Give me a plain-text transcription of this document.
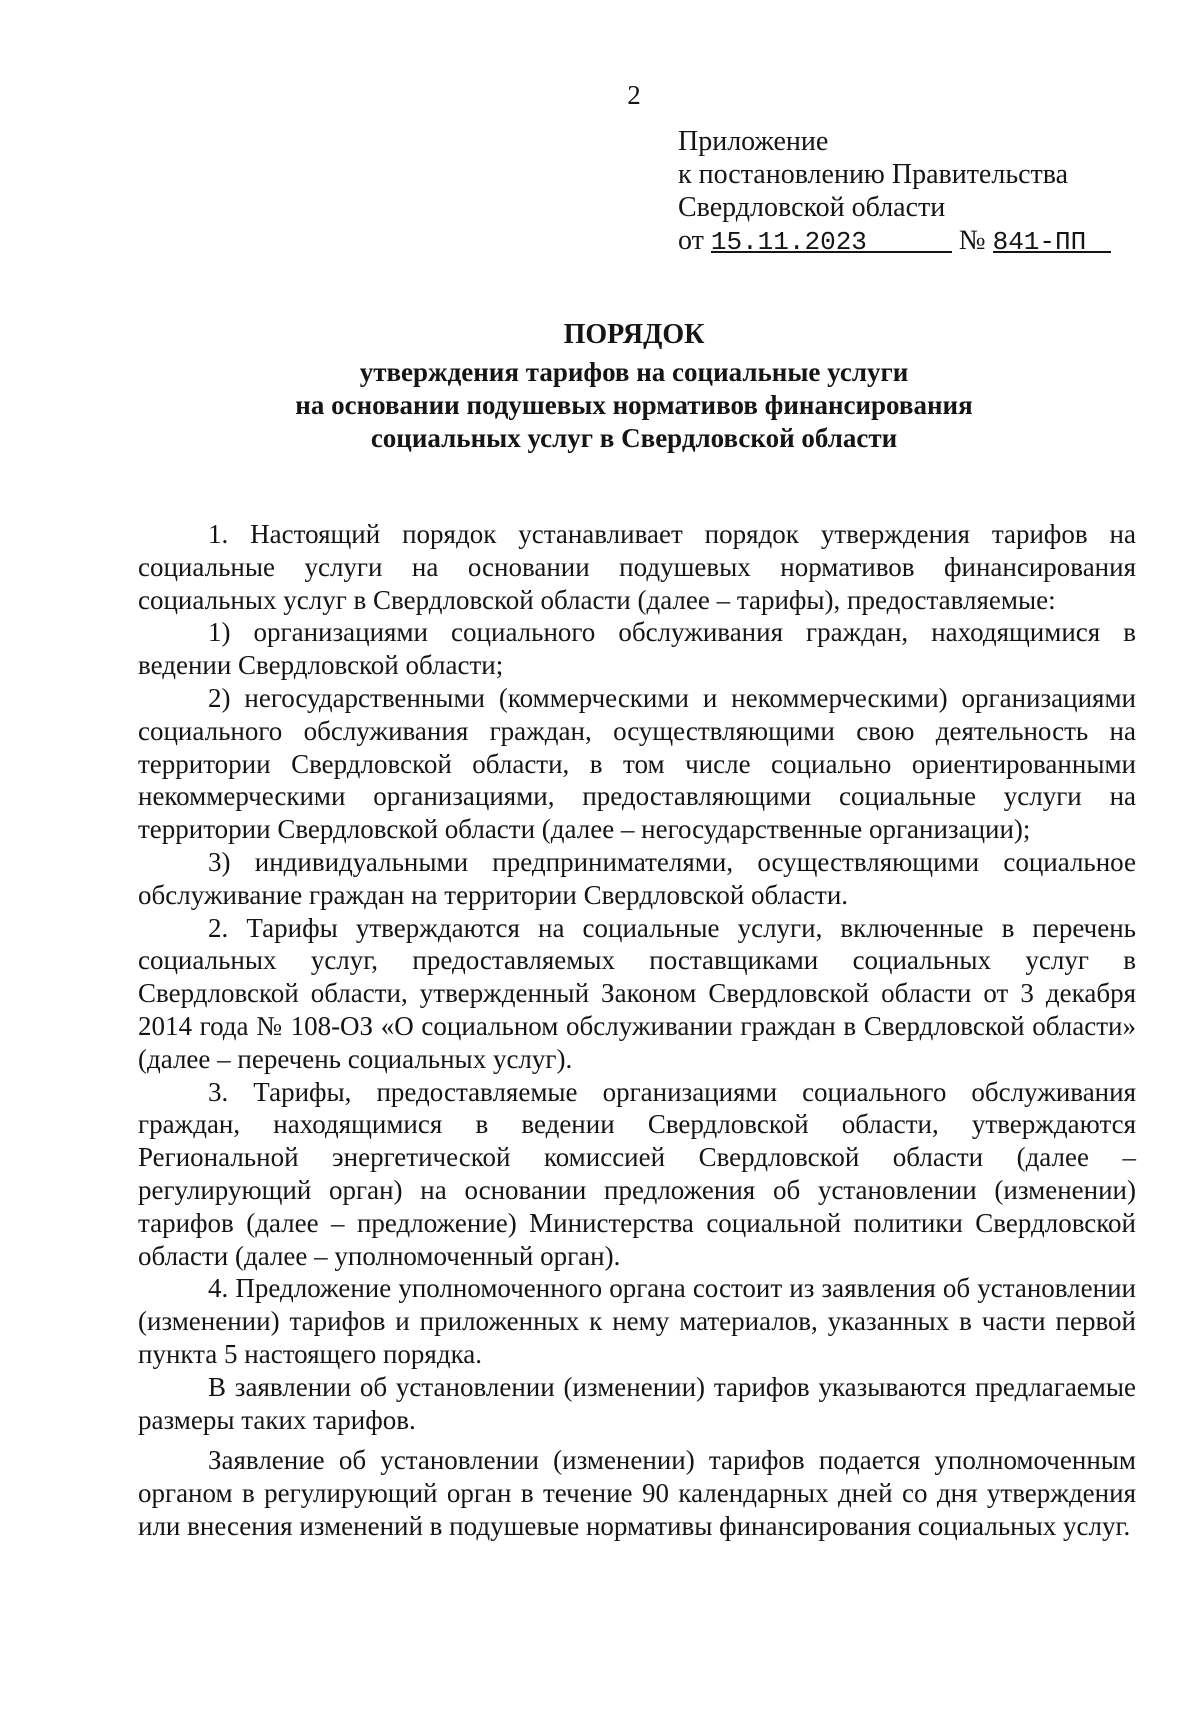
2
Приложение
к постановлению Правительства
Свердловской области
от 15.11.2023	№ 841-ПП
ПОРЯДОК
утверждения тарифов на социальные услуги
на основании подушевых нормативов финансирования
социальных услуг в Свердловской области

1. Настоящий порядок устанавливает порядок утверждения тарифов на социальные услуги на основании подушевых нормативов финансирования социальных услуг в Свердловской области (далее – тарифы), предоставляемые:

1) организациями социального обслуживания граждан, находящимися в ведении Свердловской области;

2) негосударственными (коммерческими и некоммерческими) организациями социального обслуживания граждан, осуществляющими свою деятельность на территории Свердловской области, в том числе социально ориентированными некоммерческими организациями, предоставляющими социальные услуги на территории Свердловской области (далее – негосударственные организации);

3) индивидуальными предпринимателями, осуществляющими социальное обслуживание граждан на территории Свердловской области.

2. Тарифы утверждаются на социальные услуги, включенные в перечень социальных услуг, предоставляемых поставщиками социальных услуг в Свердловской области, утвержденный Законом Свердловской области от 3 декабря 2014 года № 108-ОЗ «О социальном обслуживании граждан в Свердловской области» (далее – перечень социальных услуг).

3. Тарифы, предоставляемые организациями социального обслуживания граждан, находящимися в ведении Свердловской области, утверждаются Региональной энергетической комиссией Свердловской области (далее – регулирующий орган) на основании предложения об установлении (изменении) тарифов (далее – предложение) Министерства социальной политики Свердловской области (далее – уполномоченный орган).

4. Предложение уполномоченного органа состоит из заявления об установлении (изменении) тарифов и приложенных к нему материалов, указанных в части первой пункта 5 настоящего порядка.

В заявлении об установлении (изменении) тарифов указываются предлагаемые размеры таких тарифов.

Заявление об установлении (изменении) тарифов подается уполномоченным органом в регулирующий орган в течение 90 календарных дней со дня утверждения или внесения изменений в подушевые нормативы финансирования социальных услуг.
